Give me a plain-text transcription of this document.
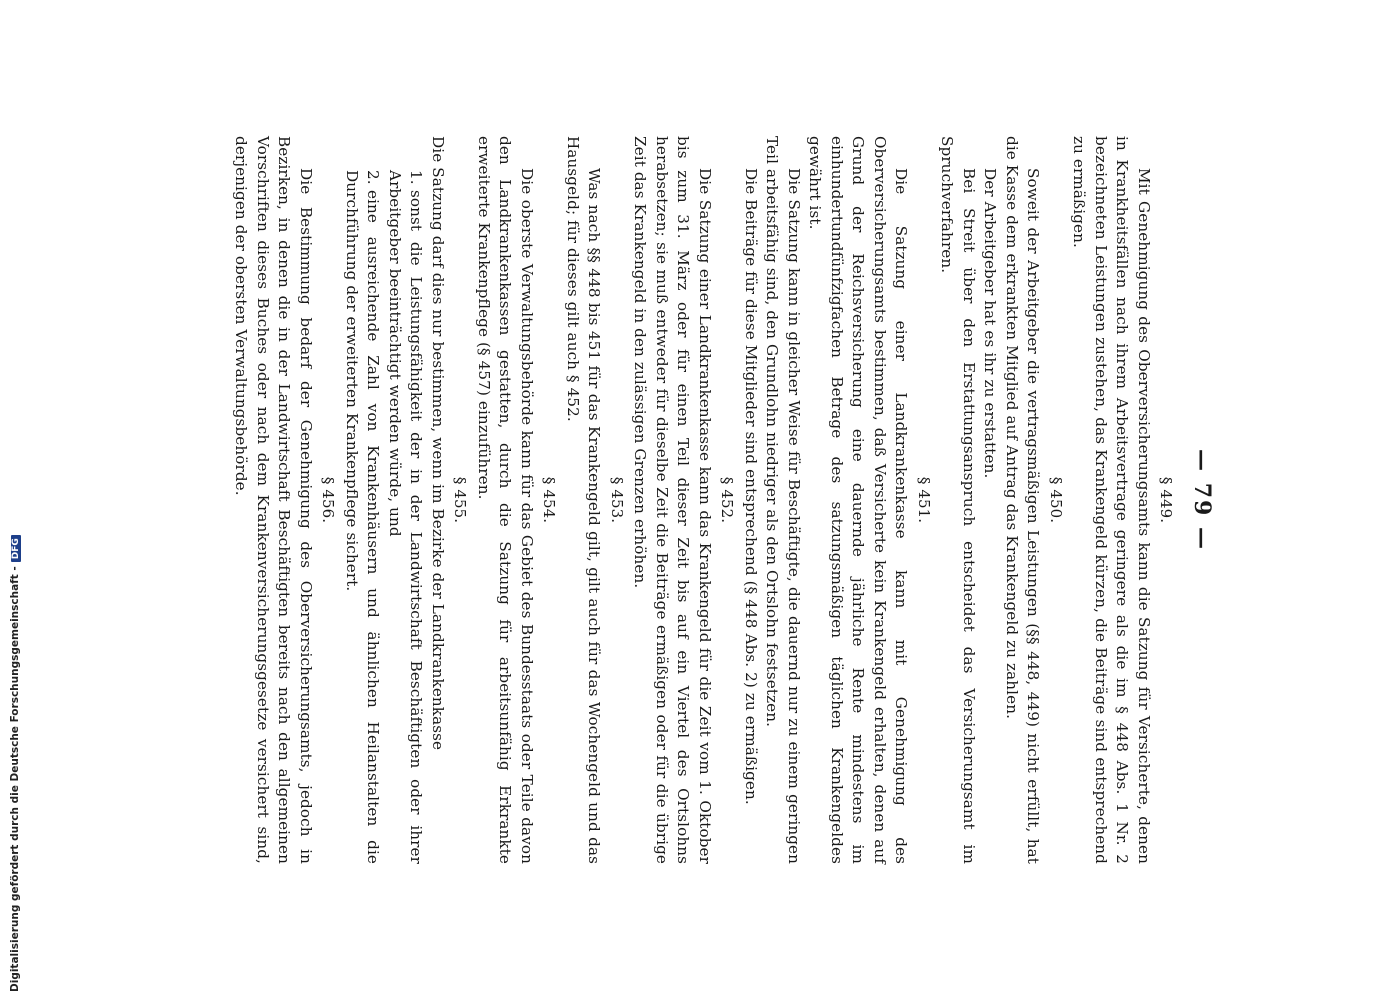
— 79 —
§ 449.

Mit Genehmigung des Oberversicherungsamts kann die Satzung für Versicherte, denen in Krankheitsfällen nach ihrem Arbeitsvertrage geringere als die im § 448 Abs. 1 Nr. 2 bezeichneten Leistungen zustehen, das Krankengeld kürzen, die Beiträge sind entsprechend zu ermäßigen.

§ 450.

Soweit der Arbeitgeber die vertragsmäßigen Leistungen (§§ 448, 449) nicht erfüllt, hat die Kasse dem erkrankten Mitglied auf Antrag das Krankengeld zu zahlen.

Der Arbeitgeber hat es ihr zu erstatten.

Bei Streit über den Erstattungsanspruch entscheidet das Versicherungsamt im Spruchverfahren.

§ 451.

Die Satzung einer Landkrankenkasse kann mit Genehmigung des Oberversicherungsamts bestimmen, daß Versicherte kein Krankengeld erhalten, denen auf Grund der Reichsversicherung eine dauernde jährliche Rente mindestens im einhundertundfünfzigfachen Betrage des satzungsmäßigen täglichen Krankengeldes gewährt ist.

Die Satzung kann in gleicher Weise für Beschäftigte, die dauernd nur zu einem geringen Teil arbeitsfähig sind, den Grundlohn niedriger als den Ortslohn festsetzen.

Die Beiträge für diese Mitglieder sind entsprechend (§ 448 Abs. 2) zu ermäßigen.

§ 452.

Die Satzung einer Landkrankenkasse kann das Krankengeld für die Zeit vom 1. Oktober bis zum 31. März oder für einen Teil dieser Zeit bis auf ein Viertel des Ortslohns herabsetzen; sie muß entweder für dieselbe Zeit die Beiträge ermäßigen oder für die übrige Zeit das Krankengeld in den zulässigen Grenzen erhöhen.

§ 453.

Was nach §§ 448 bis 451 für das Krankengeld gilt, gilt auch für das Wochengeld und das Hausgeld; für dieses gilt auch § 452.

§ 454.

Die oberste Verwaltungsbehörde kann für das Gebiet des Bundesstaats oder Teile davon den Landkrankenkassen gestatten, durch die Satzung für arbeitsunfähig Erkrankte erweiterte Krankenpflege (§ 457) einzuführen.

§ 455.

Die Satzung darf dies nur bestimmen, wenn im Bezirke der Landkrankenkasse

1.sonst die Leistungsfähigkeit der in der Landwirtschaft Beschäftigten oder ihrer Arbeitgeber beeinträchtigt werden würde, und

2.eine ausreichende Zahl von Krankenhäusern und ähnlichen Heilanstalten die Durchführung der erweiterten Krankenpflege sichert.

§ 456.

Die Bestimmung bedarf der Genehmigung des Oberversicherungsamts, jedoch in Bezirken, in denen die in der Landwirtschaft Beschäftigten bereits nach den allgemeinen Vorschriften dieses Buches oder nach dem Krankenversicherungsgesetze versichert sind, derjenigen der obersten Verwaltungsbehörde.

Digitalisierung gefördert durch die Deutsche Forschungsgemeinschaft -DFG
